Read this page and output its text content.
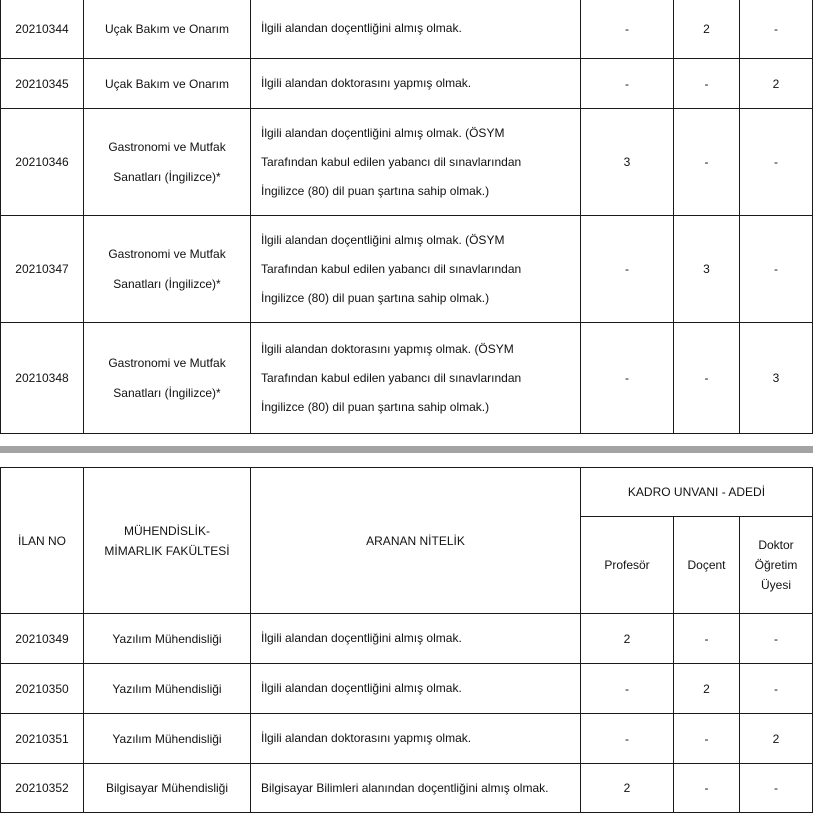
20210344	Uçak Bakım ve Onarım	İlgili alandan doçentliğini almış olmak.	-	2	-
20210345	Uçak Bakım ve Onarım	İlgili alandan doktorasını yapmış olmak.	-	-	2
20210346	Gastronomi ve Mutfak
Sanatları (İngilizce)*	İlgili alandan doçentliğini almış olmak. (ÖSYM
Tarafından kabul edilen yabancı dil sınavlarından
İngilizce (80) dil puan şartına sahip olmak.)	3	-	-
20210347	Gastronomi ve Mutfak
Sanatları (İngilizce)*	İlgili alandan doçentliğini almış olmak. (ÖSYM
Tarafından kabul edilen yabancı dil sınavlarından
İngilizce (80) dil puan şartına sahip olmak.)	-	3	-
20210348	Gastronomi ve Mutfak
Sanatları (İngilizce)*	İlgili alandan doktorasını yapmış olmak. (ÖSYM
Tarafından kabul edilen yabancı dil sınavlarından
İngilizce (80) dil puan şartına sahip olmak.)	-	-	3
İLAN NO	MÜHENDİSLİK-
MİMARLIK FAKÜLTESİ	ARANAN NİTELİK	KADRO UNVANI - ADEDİ		
			Profesör	Doçent	Doktor
Öğretim
Üyesi

20210349	Yazılım Mühendisliği	İlgili alandan doçentliğini almış olmak.	2	-	-
20210350	Yazılım Mühendisliği	İlgili alandan doçentliğini almış olmak.	-	2	-
20210351	Yazılım Mühendisliği	İlgili alandan doktorasını yapmış olmak.	-	-	2
20210352	Bilgisayar Mühendisliği	Bilgisayar Bilimleri alanından doçentliğini almış olmak.	2	-	-
